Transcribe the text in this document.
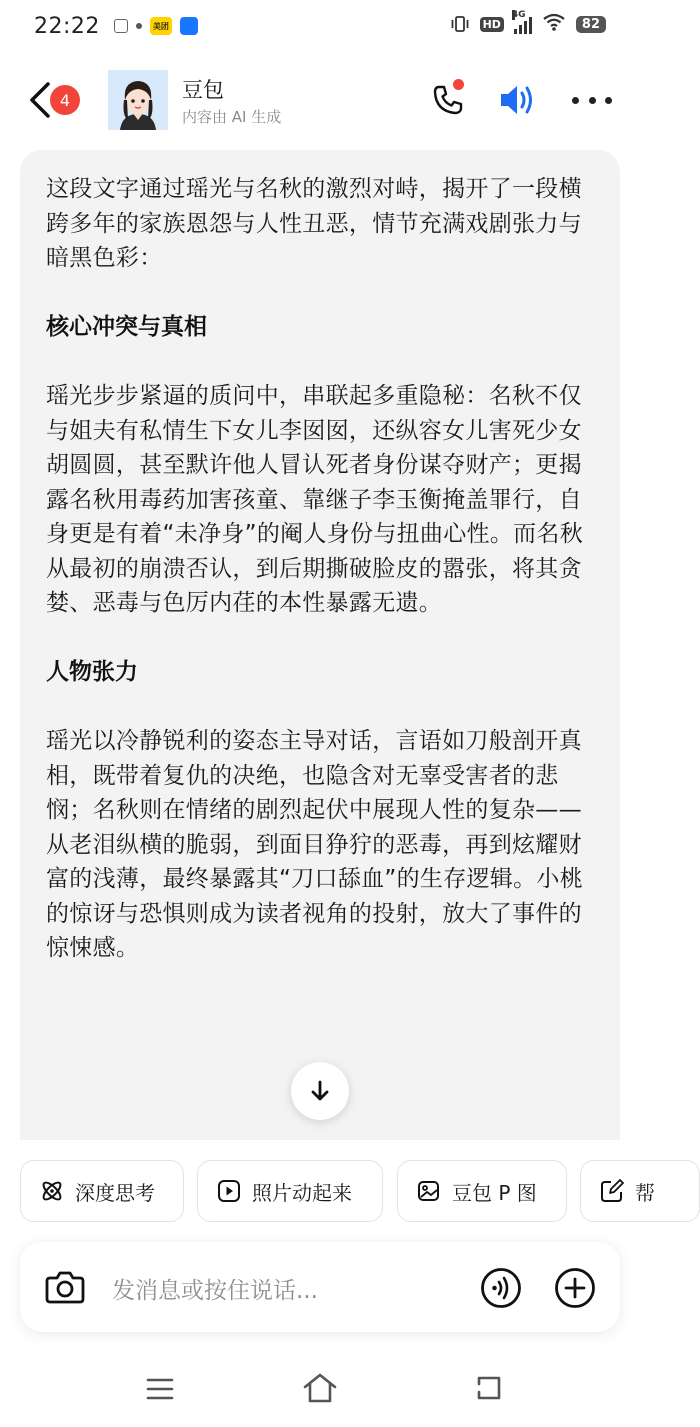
22:22	美团	HD
4G
82
4	豆包
内容由 AI 生成

这段文字通过瑶光与名秋的激烈对峙，揭开了一段横跨多年的家族恩怨与人性丑恶，情节充满戏剧张力与暗黑色彩：

核心冲突与真相

瑶光步步紧逼的质问中，串联起多重隐秘：名秋不仅与姐夫有私情生下女儿李囡囡，还纵容女儿害死少女胡圆圆，甚至默许他人冒认死者身份谋夺财产；更揭露名秋用毒药加害孩童、靠继子李玉衡掩盖罪行，自身更是有着“未净身”的阉人身份与扭曲心性。而名秋从最初的崩溃否认，到后期撕破脸皮的嚣张，将其贪婪、恶毒与色厉内荏的本性暴露无遗。

人物张力

瑶光以冷静锐利的姿态主导对话，言语如刀般剖开真相，既带着复仇的决绝，也隐含对无辜受害者的悲悯；名秋则在情绪的剧烈起伏中展现人性的复杂——从老泪纵横的脆弱，到面目狰狞的恶毒，再到炫耀财富的浅薄，最终暴露其“刀口舔血”的生存逻辑。小桃的惊讶与恐惧则成为读者视角的投射，放大了事件的惊悚感。

深度思考	照片动起来	豆包 P 图	帮
发消息或按住说话...
